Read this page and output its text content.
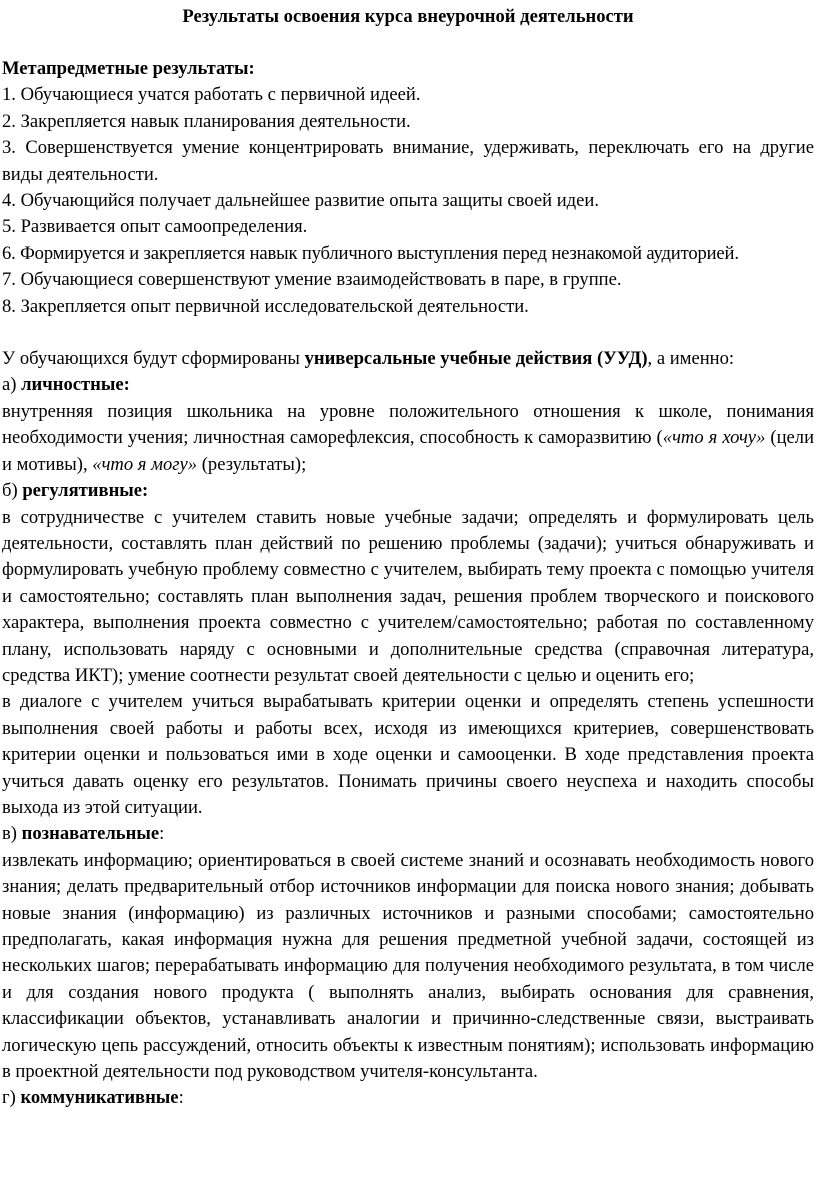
Результаты освоения курса внеурочной деятельности
Метапредметные результаты:
1. Обучающиеся учатся работать с первичной идеей.
2. Закрепляется навык планирования деятельности.
3. Совершенствуется умение концентрировать внимание, удерживать, переключать его на другие виды деятельности.
4. Обучающийся получает дальнейшее развитие опыта защиты своей идеи.
5. Развивается опыт самоопределения.
6. Формируется и закрепляется навык публичного выступления перед незнакомой аудиторией.
7. Обучающиеся совершенствуют умение взаимодействовать в паре, в группе.
8. Закрепляется опыт первичной исследовательской деятельности.
У обучающихся будут сформированы универсальные учебные действия (УУД), а именно:
а) личностные:
внутренняя позиция школьника на уровне положительного отношения к школе, понимания необходимости учения; личностная саморефлексия, способность к саморазвитию («что я хочу» (цели и мотивы), «что я могу» (результаты);
б) регулятивные:
в сотрудничестве с учителем ставить новые учебные задачи; определять и формулировать цель деятельности, составлять план действий по решению проблемы (задачи); учиться обнаруживать и формулировать учебную проблему совместно с учителем, выбирать тему проекта с помощью учителя и самостоятельно; составлять план выполнения задач, решения проблем творческого и поискового характера, выполнения проекта совместно с учителем/самостоятельно; работая по составленному плану, использовать наряду с основными и дополнительные средства (справочная литература, средства ИКТ); умение соотнести результат своей деятельности с целью и оценить его;
в диалоге с учителем учиться вырабатывать критерии оценки и определять степень успешности выполнения своей работы и работы всех, исходя из имеющихся критериев, совершенствовать критерии оценки и пользоваться ими в ходе оценки и самооценки. В ходе представления проекта учиться давать оценку его результатов. Понимать причины своего неуспеха и находить способы выхода из этой ситуации.
в) познавательные:
извлекать информацию; ориентироваться в своей системе знаний и осознавать необходимость нового знания; делать предварительный отбор источников информации для поиска нового знания; добывать новые знания (информацию) из различных источников и разными способами; самостоятельно предполагать, какая информация нужна для решения предметной учебной задачи, состоящей из нескольких шагов; перерабатывать информацию для получения необходимого результата, в том числе и для создания нового продукта ( выполнять анализ, выбирать основания для сравнения, классификации объектов, устанавливать аналогии и причинно-следственные связи, выстраивать логическую цепь рассуждений, относить объекты к известным понятиям); использовать информацию в проектной деятельности под руководством учителя-консультанта.
г) коммуникативные:
